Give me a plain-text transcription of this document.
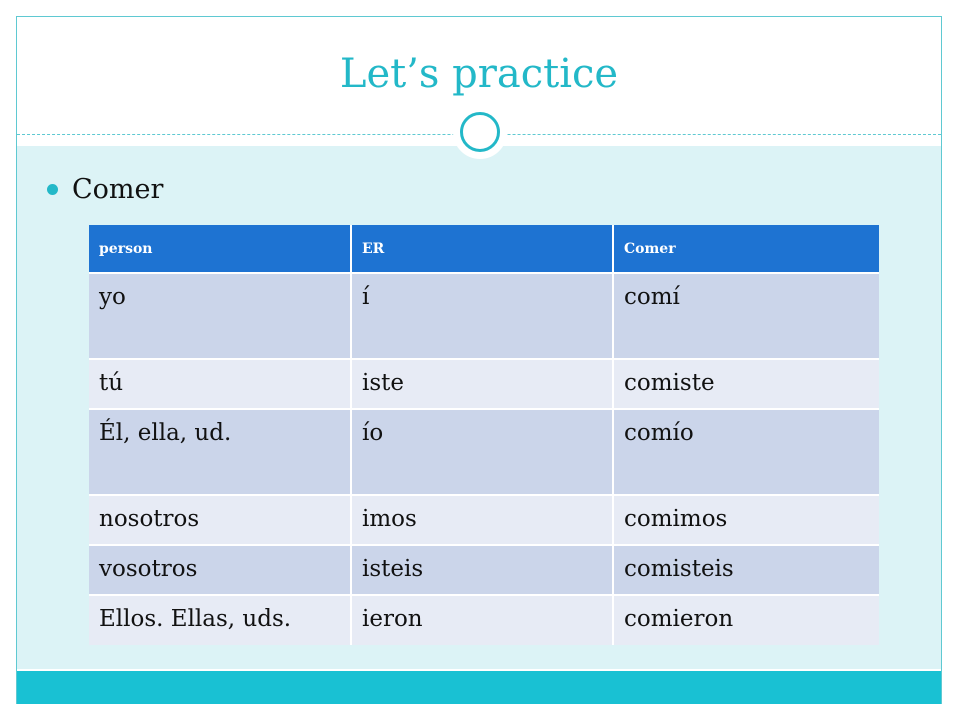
Let’s practice
Comer
person	ER	Comer

yo	í	comí

tú	iste	comiste

Él, ella, ud.	ío	comío

nosotros	imos	comimos

vosotros	isteis	comisteis

Ellos. Ellas, uds.	ieron	comieron
